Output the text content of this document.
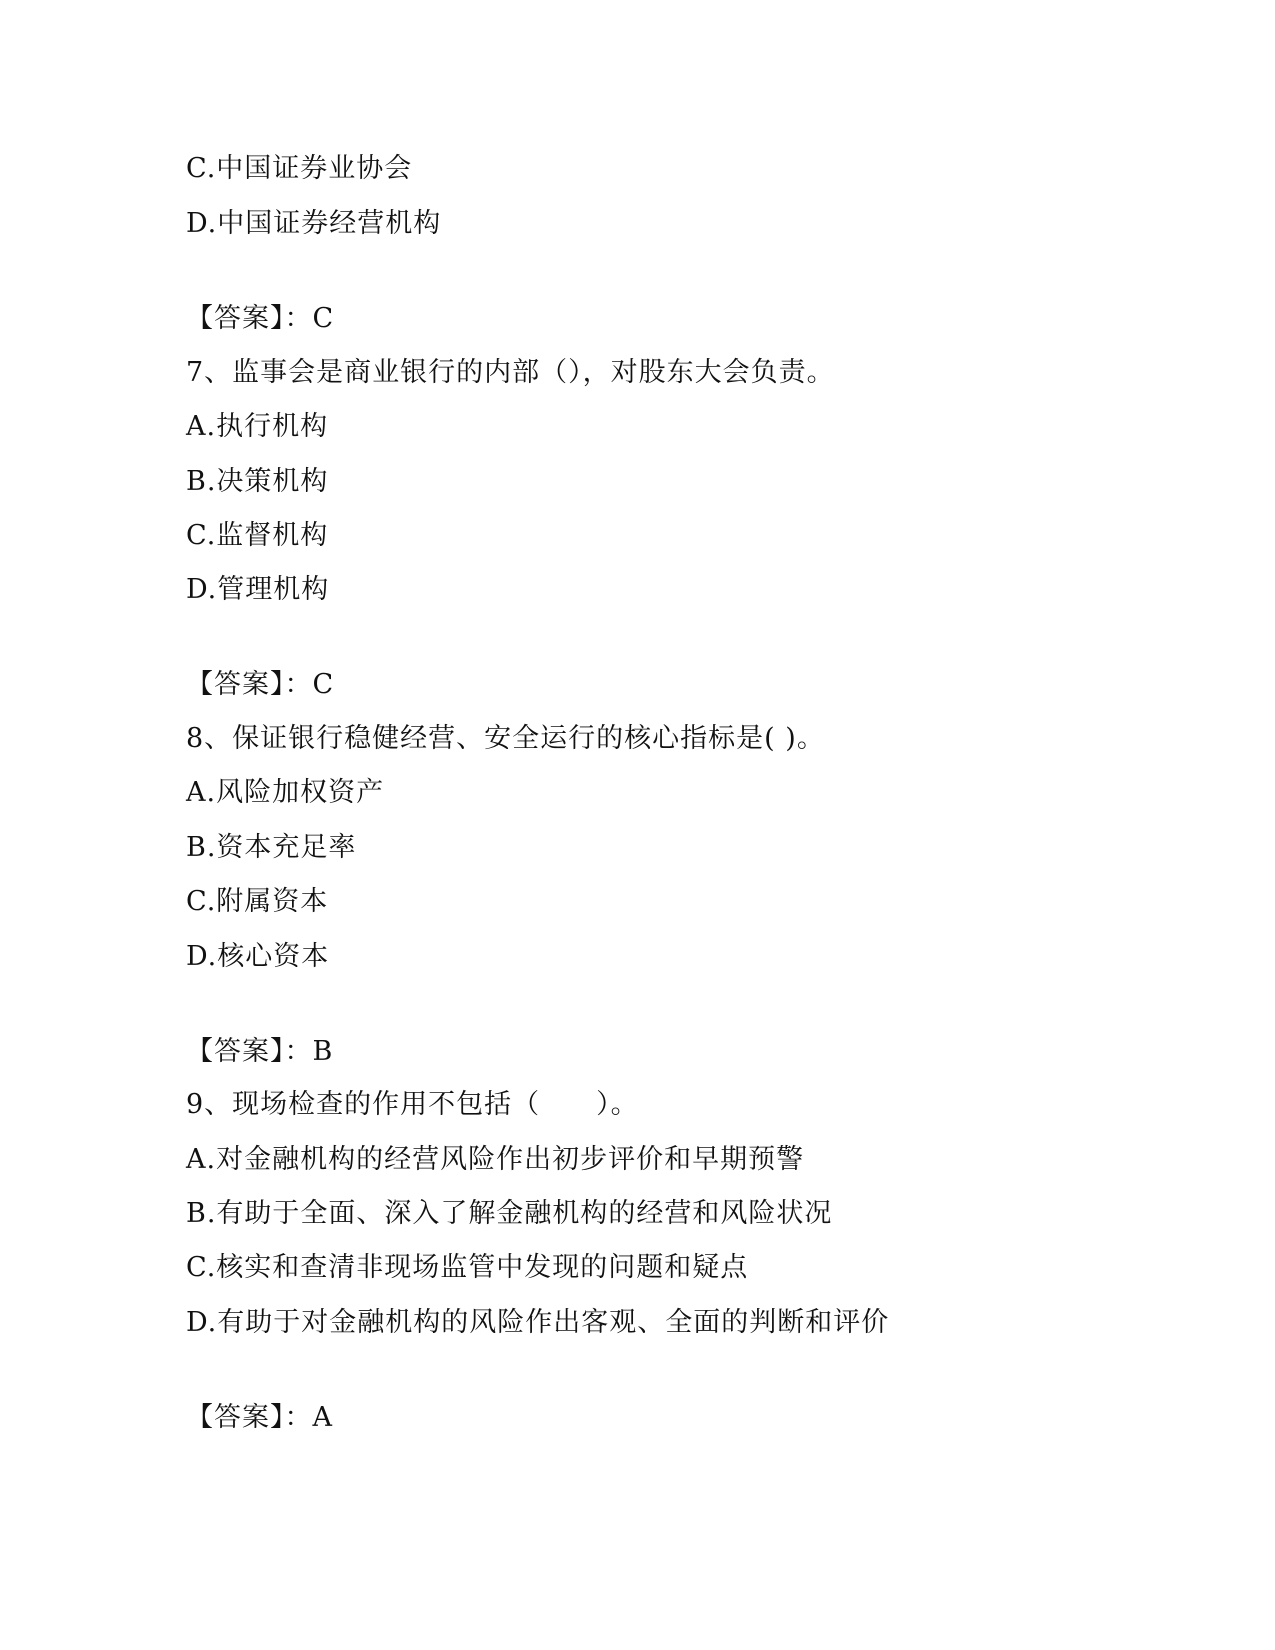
C.中国证券业协会
D.中国证券经营机构
【答案】：C
7、监事会是商业银行的内部（），对股东大会负责。
A.执行机构
B.决策机构
C.监督机构
D.管理机构
【答案】：C
8、保证银行稳健经营、安全运行的核心指标是( )。
A.风险加权资产
B.资本充足率
C.附属资本
D.核心资本
【答案】：B
9、现场检查的作用不包括（　　）。
A.对金融机构的经营风险作出初步评价和早期预警
B.有助于全面、深入了解金融机构的经营和风险状况
C.核实和查清非现场监管中发现的问题和疑点
D.有助于对金融机构的风险作出客观、全面的判断和评价
【答案】：A
